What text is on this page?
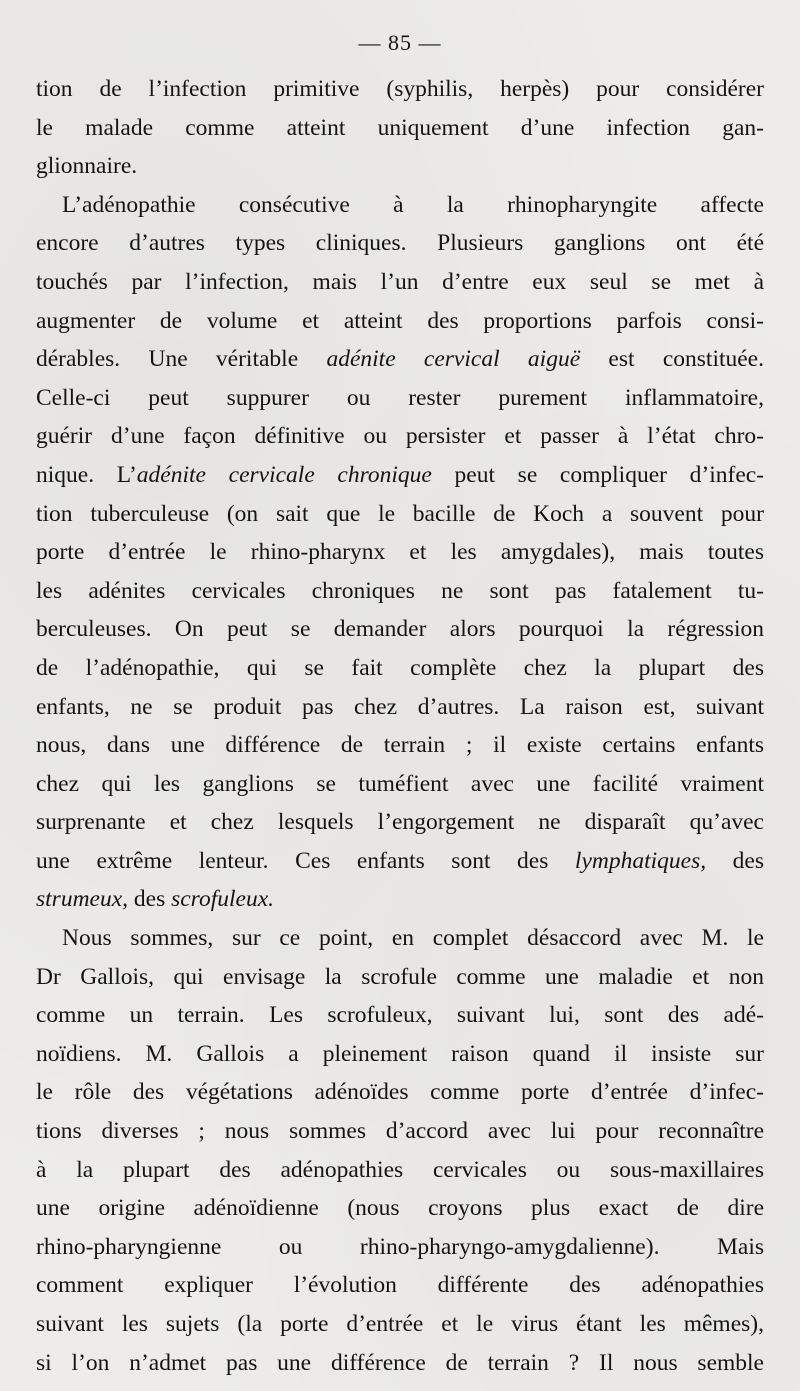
— 85 —
tion de l’infection primitive (syphilis, herpès) pour considérer
le malade comme atteint uniquement d’une infection gan-
glionnaire.
L’adénopathie consécutive à la rhinopharyngite affecte
encore d’autres types cliniques. Plusieurs ganglions ont été
touchés par l’infection, mais l’un d’entre eux seul se met à
augmenter de volume et atteint des proportions parfois consi-
dérables. Une véritable adénite cervical aiguë est constituée.
Celle-ci peut suppurer ou rester purement inflammatoire,
guérir d’une façon définitive ou persister et passer à l’état chro-
nique. L’adénite cervicale chronique peut se compliquer d’infec-
tion tuberculeuse (on sait que le bacille de Koch a souvent pour
porte d’entrée le rhino-pharynx et les amygdales), mais toutes
les adénites cervicales chroniques ne sont pas fatalement tu-
berculeuses. On peut se demander alors pourquoi la régression
de l’adénopathie, qui se fait complète chez la plupart des
enfants, ne se produit pas chez d’autres. La raison est, suivant
nous, dans une différence de terrain ; il existe certains enfants
chez qui les ganglions se tuméfient avec une facilité vraiment
surprenante et chez lesquels l’engorgement ne disparaît qu’avec
une extrême lenteur. Ces enfants sont des lymphatiques, des
strumeux, des scrofuleux.
Nous sommes, sur ce point, en complet désaccord avec M. le
Dr Gallois, qui envisage la scrofule comme une maladie et non
comme un terrain. Les scrofuleux, suivant lui, sont des adé-
noïdiens. M. Gallois a pleinement raison quand il insiste sur
le rôle des végétations adénoïdes comme porte d’entrée d’infec-
tions diverses ; nous sommes d’accord avec lui pour reconnaître
à la plupart des adénopathies cervicales ou sous-maxillaires
une origine adénoïdienne (nous croyons plus exact de dire
rhino-pharyngienne ou rhino-pharyngo-amygdalienne). Mais
comment expliquer l’évolution différente des adénopathies
suivant les sujets (la porte d’entrée et le virus étant les mêmes),
si l’on n’admet pas une différence de terrain ? Il nous semble
